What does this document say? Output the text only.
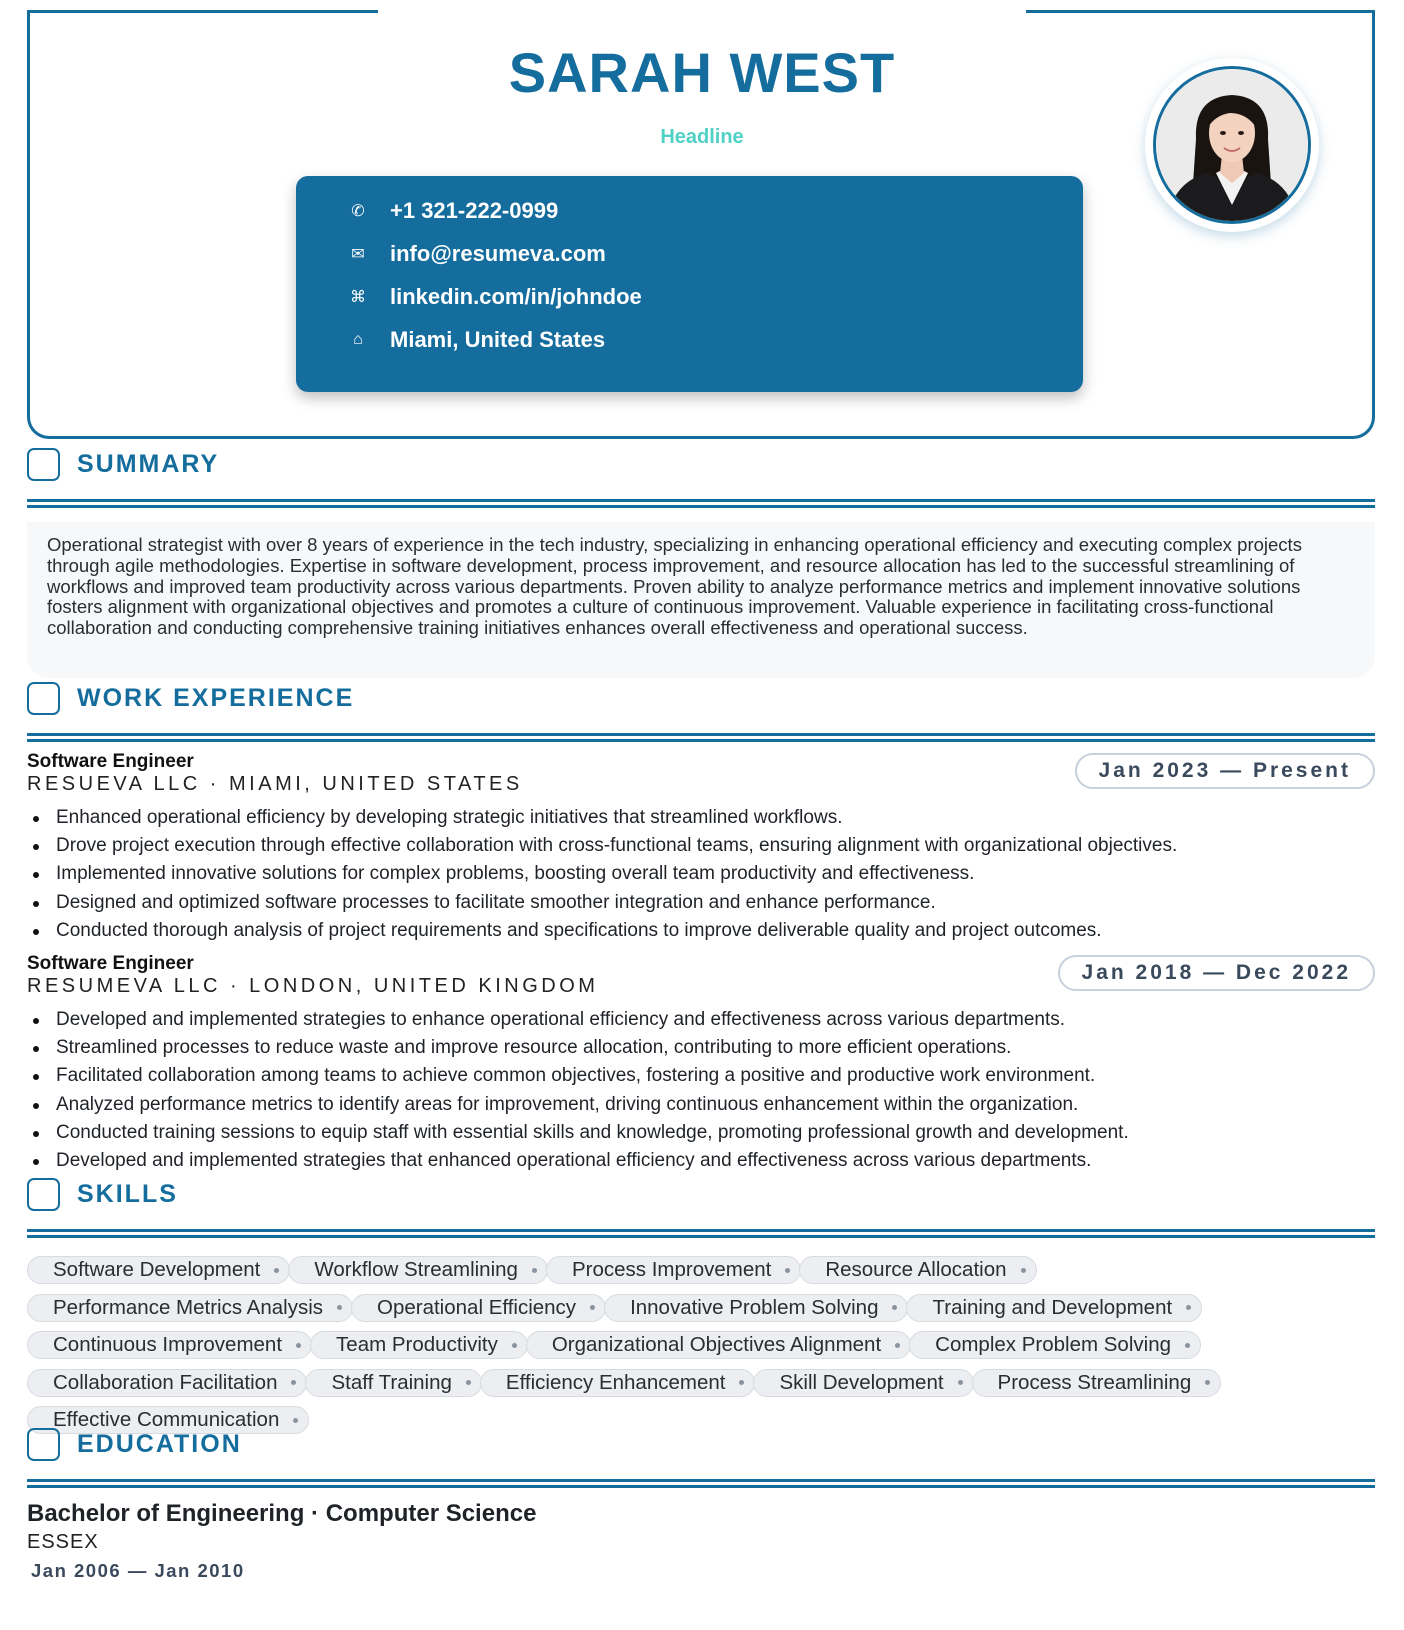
SARAH WEST
Headline
✆ +1 321-222-0999
✉ info@resumeva.com
⌘ linkedin.com/in/johndoe
⌂ Miami, United States
SUMMARY
Operational strategist with over 8 years of experience in the tech industry, specializing in enhancing operational efficiency and executing complex projects through agile methodologies. Expertise in software development, process improvement, and resource allocation has led to the successful streamlining of workflows and improved team productivity across various departments. Proven ability to analyze performance metrics and implement innovative solutions fosters alignment with organizational objectives and promotes a culture of continuous improvement. Valuable experience in facilitating cross-functional collaboration and conducting comprehensive training initiatives enhances overall effectiveness and operational success.
WORK EXPERIENCE
Software Engineer
RESUEVA LLC · MIAMI, UNITED STATES
Jan 2023 — Present
Enhanced operational efficiency by developing strategic initiatives that streamlined workflows.
Drove project execution through effective collaboration with cross-functional teams, ensuring alignment with organizational objectives.
Implemented innovative solutions for complex problems, boosting overall team productivity and effectiveness.
Designed and optimized software processes to facilitate smoother integration and enhance performance.
Conducted thorough analysis of project requirements and specifications to improve deliverable quality and project outcomes.
Software Engineer
RESUMEVA LLC · LONDON, UNITED KINGDOM
Jan 2018 — Dec 2022
Developed and implemented strategies to enhance operational efficiency and effectiveness across various departments.
Streamlined processes to reduce waste and improve resource allocation, contributing to more efficient operations.
Facilitated collaboration among teams to achieve common objectives, fostering a positive and productive work environment.
Analyzed performance metrics to identify areas for improvement, driving continuous enhancement within the organization.
Conducted training sessions to equip staff with essential skills and knowledge, promoting professional growth and development.
Developed and implemented strategies that enhanced operational efficiency and effectiveness across various departments.
SKILLS
Software Development	Workflow Streamlining	Process Improvement	Resource Allocation
Performance Metrics Analysis	Operational Efficiency	Innovative Problem Solving	Training and Development
Continuous Improvement	Team Productivity	Organizational Objectives Alignment	Complex Problem Solving
Collaboration Facilitation	Staff Training	Efficiency Enhancement	Skill Development	Process Streamlining
Effective Communication
EDUCATION
Bachelor of Engineering · Computer Science
ESSEX
Jan 2006 — Jan 2010
